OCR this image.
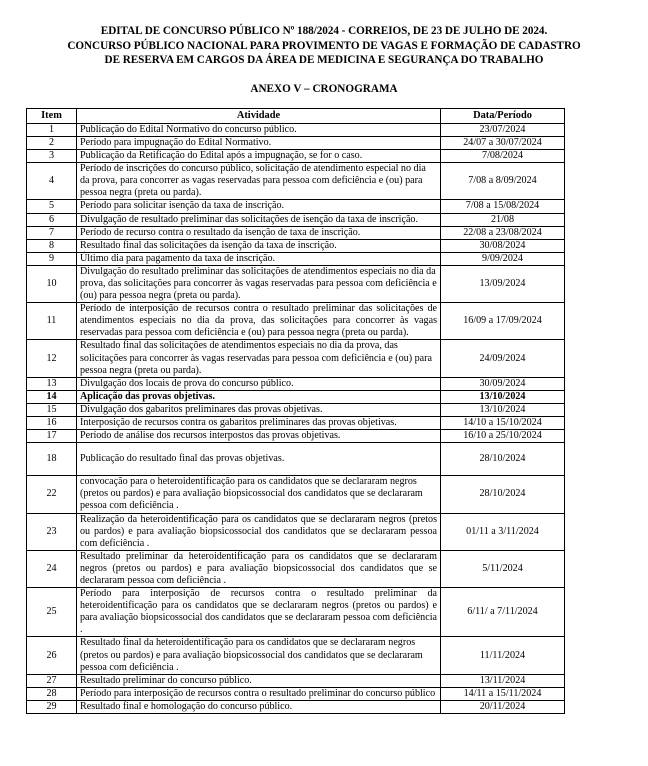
EDITAL DE CONCURSO PÚBLICO Nº 188/2024 - CORREIOS, DE 23 DE JULHO DE 2024.
CONCURSO PÚBLICO NACIONAL PARA PROVIMENTO DE VAGAS E FORMAÇÃO DE CADASTRO
DE RESERVA EM CARGOS DA ÁREA DE MEDICINA E SEGURANÇA DO TRABALHO
ANEXO V – CRONOGRAMA
Item	Atividade	Data/Período
1	Publicação do Edital Normativo do concurso público.	23/07/2024
2	Período para impugnação do Edital Normativo.	24/07 a 30/07/2024
3	Publicação da Retificação do Edital após a impugnação, se for o caso.	7/08/2024
4	Período de inscrições do concurso público, solicitação de atendimento especial no dia da prova, para concorrer as vagas reservadas para pessoa com deficiência e (ou) para pessoa negra (preta ou parda).	7/08 a 8/09/2024
5	Período para solicitar isenção da taxa de inscrição.	7/08 a 15/08/2024
6	Divulgação de resultado preliminar das solicitações de isenção da taxa de inscrição.	21/08
7	Período de recurso contra o resultado da isenção de taxa de inscrição.	22/08 a 23/08/2024
8	Resultado final das solicitações da isenção da taxa de inscrição.	30/08/2024
9	Último dia para pagamento da taxa de inscrição.	9/09/2024
10	Divulgação do resultado preliminar das solicitações de atendimentos especiais no dia da prova, das solicitações para concorrer às vagas reservadas para pessoa com deficiência e (ou) para pessoa negra (preta ou parda).	13/09/2024
11	Período de interposição de recursos contra o resultado preliminar das solicitações de atendimentos especiais no dia da prova, das solicitações para concorrer às vagas reservadas para pessoa com deficiência e (ou) para pessoa negra (preta ou parda).	16/09 a 17/09/2024
12	Resultado final das solicitações de atendimentos especiais no dia da prova, das solicitações para concorrer às vagas reservadas para pessoa com deficiência e (ou) para pessoa negra (preta ou parda).	24/09/2024
13	Divulgação dos locais de prova do concurso público.	30/09/2024
14	Aplicação das provas objetivas.	13/10/2024
15	Divulgação dos gabaritos preliminares das provas objetivas.	13/10/2024
16	Interposição de recursos contra os gabaritos preliminares das provas objetivas.	14/10 a 15/10/2024
17	Período de análise dos recursos interpostos das provas objetivas.	16/10 a 25/10/2024
18	Publicação do resultado final das provas objetivas.	28/10/2024
22	convocação para o heteroidentificação para os candidatos que se declararam negros (pretos ou pardos) e para avaliação biopsicossocial dos candidatos que se declararam pessoa com deficiência .	28/10/2024
23	Realização da heteroidentificação para os candidatos que se declararam negros (pretos ou pardos) e para avaliação biopsicossocial dos candidatos que se declararam pessoa com deficiência .	01/11 a 3/11/2024
24	Resultado preliminar da heteroidentificação para os candidatos que se declararam negros (pretos ou pardos) e para avaliação biopsicossocial dos candidatos que se declararam pessoa com deficiência .	5/11/2024
25	Período para interposição de recursos contra o resultado preliminar da heteroidentificação para os candidatos que se declararam negros (pretos ou pardos) e para avaliação biopsicossocial dos candidatos que se declararam pessoa com deficiência .	6/11/ a 7/11/2024
26	Resultado final da heteroidentificação para os candidatos que se declararam negros (pretos ou pardos) e para avaliação biopsicossocial dos candidatos que se declararam pessoa com deficiência .	11/11/2024
27	Resultado preliminar do concurso público.	13/11/2024
28	Período para interposição de recursos contra o resultado preliminar do concurso público	14/11 a 15/11/2024
29	Resultado final e homologação do concurso público.	20/11/2024
